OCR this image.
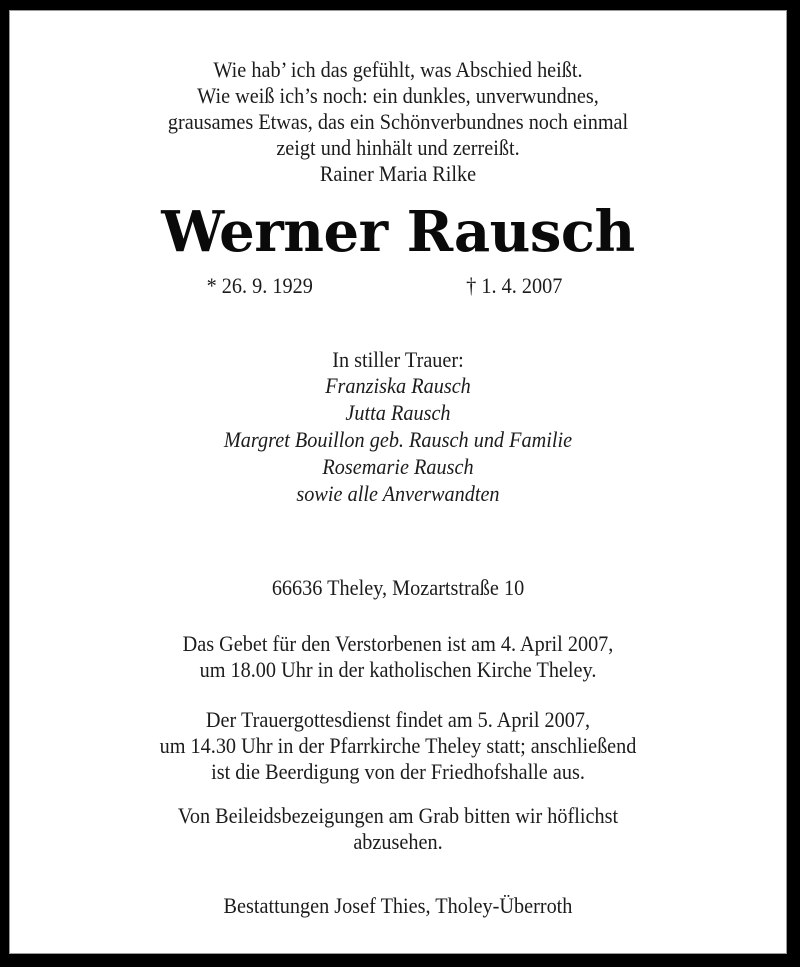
Wie hab’ ich das gefühlt, was Abschied heißt.
Wie weiß ich’s noch: ein dunkles, unverwundnes,
grausames Etwas, das ein Schönverbundnes noch einmal
zeigt und hinhält und zerreißt.
Rainer Maria Rilke
Werner Rausch
* 26. 9. 1929	† 1. 4. 2007
In stiller Trauer:
Franziska Rausch
Jutta Rausch
Margret Bouillon geb. Rausch und Familie
Rosemarie Rausch
sowie alle Anverwandten
66636 Theley, Mozartstraße 10
Das Gebet für den Verstorbenen ist am 4. April 2007,
um 18.00 Uhr in der katholischen Kirche Theley.
Der Trauergottesdienst findet am 5. April 2007,
um 14.30 Uhr in der Pfarrkirche Theley statt; anschließend
ist die Beerdigung von der Friedhofshalle aus.
Von Beileidsbezeigungen am Grab bitten wir höflichst
abzusehen.
Bestattungen Josef Thies, Tholey-Überroth
